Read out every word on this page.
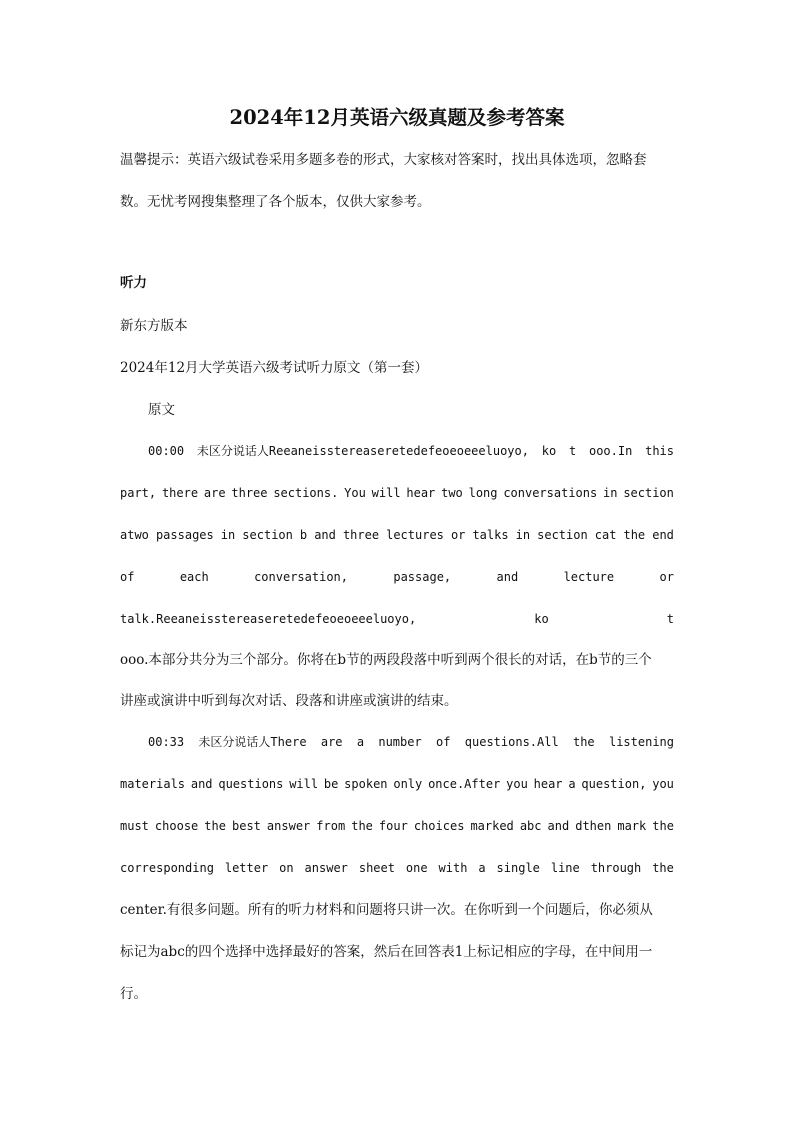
2024年12月英语六级真题及参考答案
温馨提示：英语六级试卷采用多题多卷的形式，大家核对答案时，找出具体选项，忽略套
数。无忧考网搜集整理了各个版本，仅供大家参考。
听力
新东方版本
2024年12月大学英语六级考试听力原文（第一套）
原文
00:00 未区分说话人Reeaneisstereaseretedefeoeoeeeluoyo, ko t ooo.In this
part, there are three sections. You will hear two long conversations in section
atwo passages in section b and three lectures or talks in section cat the end
of	each	conversation,	passage,	and	lecture	or
talk.Reeaneisstereaseretedefeoeoeeeluoyo,	ko	t
ooo.本部分共分为三个部分。你将在b节的两段段落中听到两个很长的对话，在b节的三个
讲座或演讲中听到每次对话、段落和讲座或演讲的结束。
00:33 未区分说话人There are a number of questions.All the listening
materials and questions will be spoken only once.After you hear a question, you
must choose the best answer from the four choices marked abc and dthen mark the
corresponding letter on answer sheet one with a single line through the
center.有很多问题。所有的听力材料和问题将只讲一次。在你听到一个问题后，你必须从
标记为abc的四个选择中选择最好的答案，然后在回答表1上标记相应的字母，在中间用一
行。
